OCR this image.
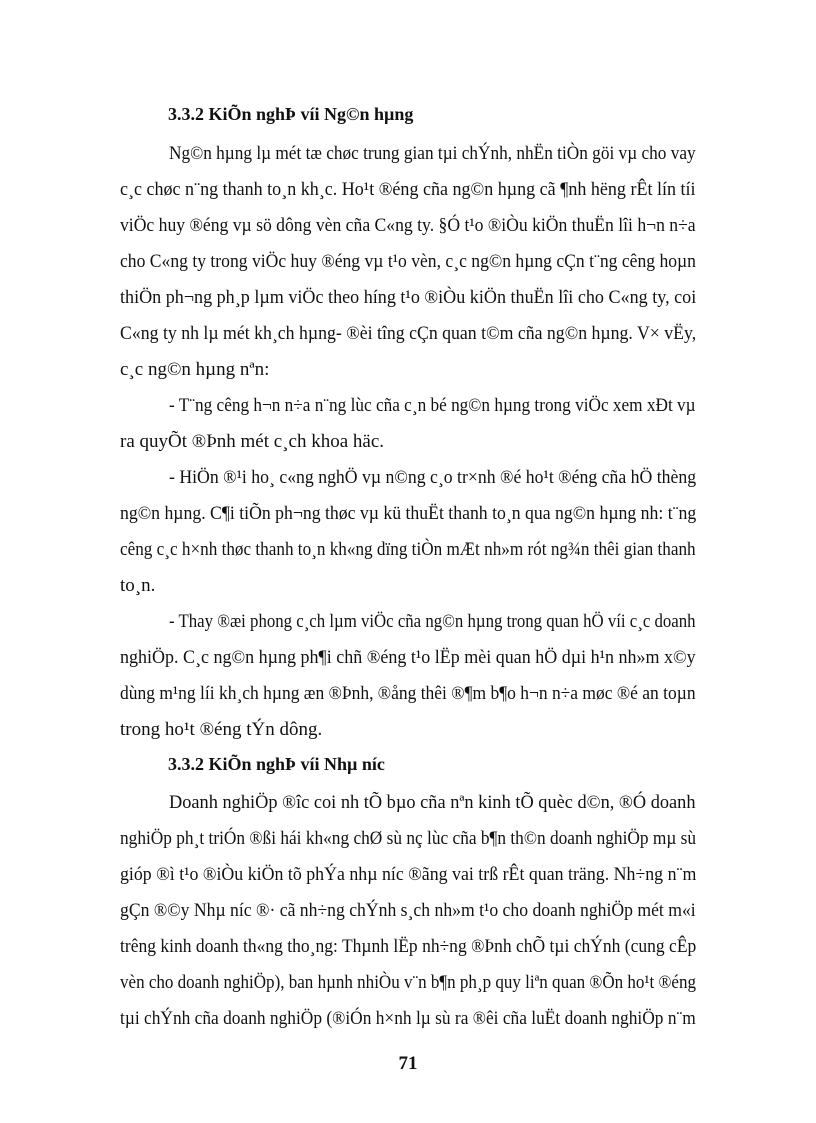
3.3.2 KiÕn nghÞ víi Ng©n hµng
Ng©n hµng lµ mét tæ chøc trung gian tµi chÝnh, nhËn tiÒn göi vµ cho vay
c¸c chøc n¨ng thanh to¸n kh¸c. Ho¹t ®éng cña ng©n hµng cã ¶nh hëng rÊt lín tíi
viÖc huy ®éng vµ sö dông vèn cña C«ng ty. §Ó t¹o ®iÒu kiÖn thuËn lîi h¬n n÷a
cho C«ng ty trong viÖc huy ®éng vµ t¹o vèn, c¸c ng©n hµng cÇn t¨ng cêng hoµn
thiÖn ph¬ng ph¸p lµm viÖc theo híng t¹o ®iÒu kiÖn thuËn lîi cho C«ng ty, coi
C«ng ty nh lµ mét kh¸ch hµng- ®èi tîng cÇn quan t©m cña ng©n hµng. V× vËy,
c¸c ng©n hµng nªn:
- T¨ng cêng h¬n n÷a n¨ng lùc cña c¸n bé ng©n hµng trong viÖc xem xÐt vµ
ra quyÕt ®Þnh mét c¸ch khoa häc.
- HiÖn ®¹i ho¸ c«ng nghÖ vµ n©ng c¸o tr×nh ®é ho¹t ®éng cña hÖ thèng
ng©n hµng. C¶i tiÕn ph¬ng thøc vµ kü thuËt thanh to¸n qua ng©n hµng nh: t¨ng
cêng c¸c h×nh thøc thanh to¸n kh«ng dïng tiÒn mÆt nh»m rót ng¾n thêi gian thanh
to¸n.
- Thay ®æi phong c¸ch lµm viÖc cña ng©n hµng trong quan hÖ víi c¸c doanh
nghiÖp. C¸c ng©n hµng ph¶i chñ ®éng t¹o lËp mèi quan hÖ dµi h¹n nh»m x©y
dùng m¹ng líi kh¸ch hµng æn ®Þnh, ®ång thêi ®¶m b¶o h¬n n÷a møc ®é an toµn
trong ho¹t ®éng tÝn dông.
3.3.2 KiÕn nghÞ víi Nhµ níc
Doanh nghiÖp ®îc coi nh tÕ bµo cña nªn kinh tÕ quèc d©n, ®Ó doanh
nghiÖp ph¸t triÓn ®ßi hái kh«ng chØ sù nç lùc cña b¶n th©n doanh nghiÖp mµ sù
gióp ®ì t¹o ®iÒu kiÖn tõ phÝa nhµ níc ®ãng vai trß rÊt quan träng. Nh÷ng n¨m
gÇn ®©y Nhµ níc ®· cã nh÷ng chÝnh s¸ch nh»m t¹o cho doanh nghiÖp mét m«i
trêng kinh doanh th«ng tho¸ng: Thµnh lËp nh÷ng ®Þnh chÕ tµi chÝnh (cung cÊp
vèn cho doanh nghiÖp), ban hµnh nhiÒu v¨n b¶n ph¸p quy liªn quan ®Õn ho¹t ®éng
tµi chÝnh cña doanh nghiÖp (®iÓn h×nh lµ sù ra ®êi cña luËt doanh nghiÖp n¨m
71
